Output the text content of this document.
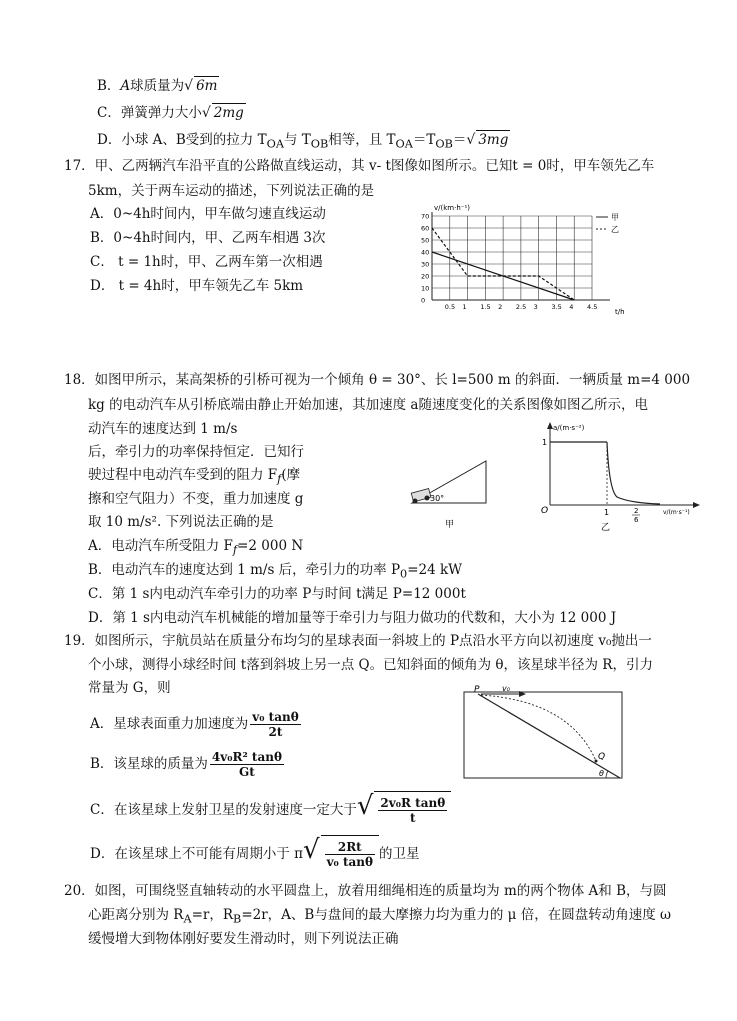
B．A球质量为√ 6m
C．弹簧弹力大小√ 2mg
D．小球 A、B受到的拉力 $T_{OA}$与 $T_{OB}$相等，且 $T_{OA}=T_{OB}=√$ 3mg
17．甲、乙两辆汽车沿平直的公路做直线运动，其 v- t图像如图所示。已知t = 0时，甲车领先乙车
5km，关于两车运动的描述，下列说法正确的是
A．0~4h时间内，甲车做匀速直线运动
B．0~4h时间内，甲、乙两车相遇 3次
C． t = 1h时，甲、乙两车第一次相遇
D． t = 4h时，甲车领先乙车 5km
0.5 1 1.5 2 2.5 3 3.5 4 4.5
0
10
20
30
40
50
60
70
v/(km·h⁻¹)
t/h
甲
乙
18．如图甲所示，某高架桥的引桥可视为一个倾角 θ = 30°、长 l=500 m 的斜面．一辆质量 m=4 000
kg 的电动汽车从引桥底端由静止开始加速，其加速度 a随速度变化的关系图像如图乙所示，电
动汽车的速度达到 1 m/s
后，牵引力的功率保持恒定．已知行
驶过程中电动汽车受到的阻力 $F_f$(摩
擦和空气阻力）不变，重力加速度 g
取 10 m/s². 下列说法正确的是
A．电动汽车所受阻力 $F_f=2$ 000 N
B．电动汽车的速度达到 1 m/s 后，牵引力的功率 $P_0=24$ kW
C．第 1 s内电动汽车牵引力的功率 P与时间 t满足 P=12 000t
D．第 1 s内电动汽车机械能的增加量等于牵引力与阻力做功的代数和，大小为 12 000 J
30°
甲
a/(m·s⁻²)
v/(m·s⁻¹)
1
O	1	2
6
乙
19．如图所示，宇航员站在质量分布均匀的星球表面一斜坡上的 P点沿水平方向以初速度 v₀抛出一
个小球，测得小球经时间 t落到斜坡上另一点 Q。已知斜面的倾角为 θ，该星球半径为 R，引力
常量为 G，则
A．星球表面重力加速度为 $\frac{\text{v₀ tanθ}}{2t}$
B．该星球的质量为 $\frac{\text{4v₀R² tanθ}}{Gt}$
C．在该星球上发射卫星的发射速度一定大于√ $\frac{\text{2v₀R tanθ}}{t}$
D．在该星球上不可能有周期小于 $\pi√ \frac{2Rt}{\text{v₀ tanθ}}$ 的卫星
P	v₀
Q
θ
20．如图，可围绕竖直轴转动的水平圆盘上，放着用细绳相连的质量均为 m的两个物体 A和 B，与圆
心距离分别为 $R_A=r$，$R_B=2r$，A、B与盘间的最大摩擦力均为重力的 μ 倍，在圆盘转动角速度 ω
缓慢增大到物体刚好要发生滑动时，则下列说法正确
